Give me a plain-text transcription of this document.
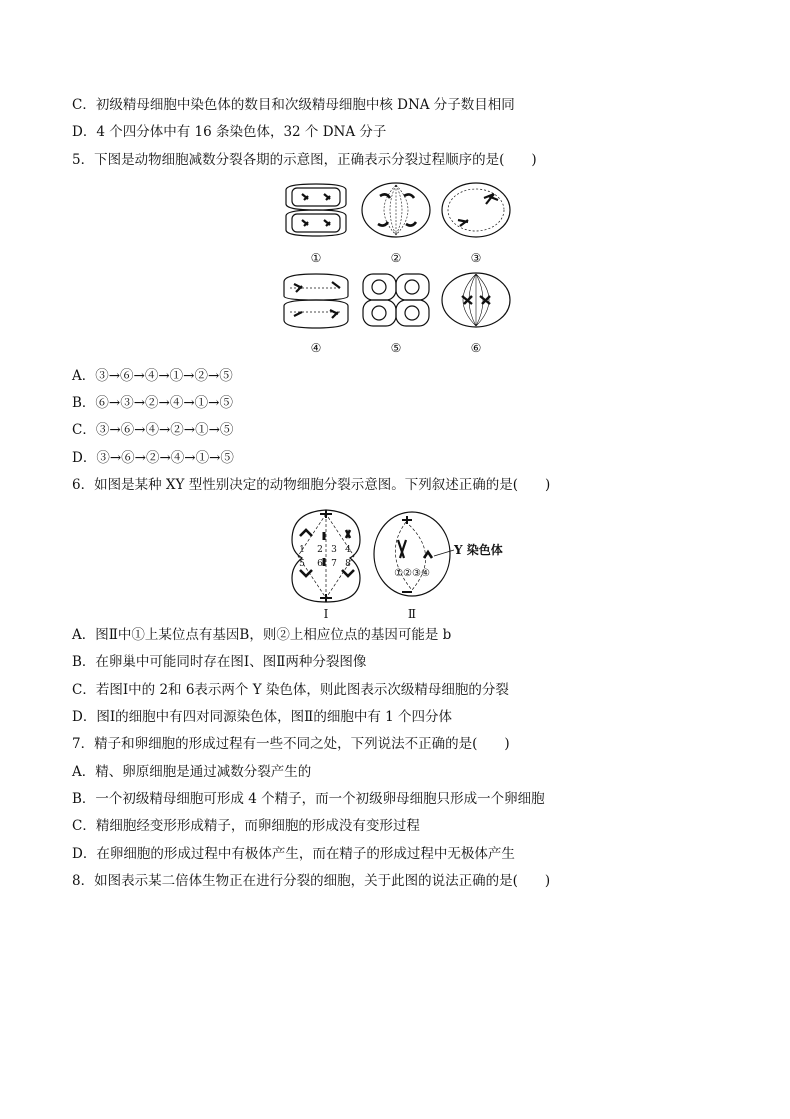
C．初级精母细胞中染色体的数目和次级精母细胞中核 DNA 分子数目相同
D．4 个四分体中有 16 条染色体，32 个 DNA 分子
5．下图是动物细胞减数分裂各期的示意图，正确表示分裂过程顺序的是(　　)
①	②	③
④	⑤	⑥
A．③→⑥→④→①→②→⑤
B．⑥→③→②→④→①→⑤
C．③→⑥→④→②→①→⑤
D．③→⑥→②→④→①→⑤
6．如图是某种 XY 型性别决定的动物细胞分裂示意图。下列叙述正确的是(　　)
1 2 3 4
5 6 7 8
①②③④
Y 染色体
Ⅰ	Ⅱ
A．图Ⅱ中①上某位点有基因B，则②上相应位点的基因可能是 b
B．在卵巢中可能同时存在图Ⅰ、图Ⅱ两种分裂图像
C．若图Ⅰ中的 2和 6表示两个 Y 染色体，则此图表示次级精母细胞的分裂
D．图Ⅰ的细胞中有四对同源染色体，图Ⅱ的细胞中有 1 个四分体
7．精子和卵细胞的形成过程有一些不同之处，下列说法不正确的是(　　)
A．精、卵原细胞是通过减数分裂产生的
B．一个初级精母细胞可形成 4 个精子，而一个初级卵母细胞只形成一个卵细胞
C．精细胞经变形形成精子，而卵细胞的形成没有变形过程
D．在卵细胞的形成过程中有极体产生，而在精子的形成过程中无极体产生
8．如图表示某二倍体生物正在进行分裂的细胞，关于此图的说法正确的是(　　)
